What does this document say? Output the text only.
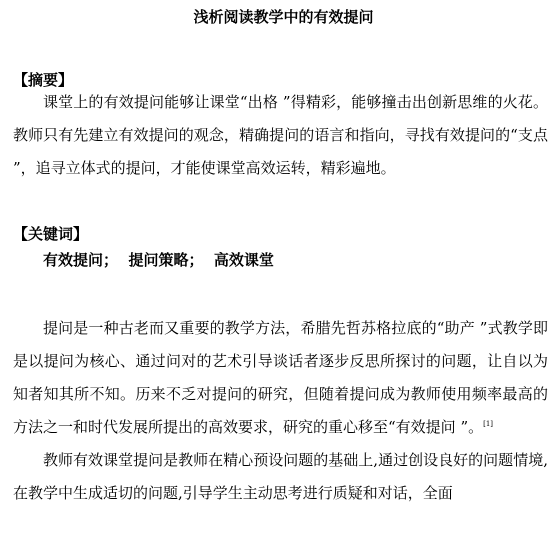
浅析阅读教学中的有效提问
【摘要】

课堂上的有效提问能够让课堂“出格 ”得精彩，能够撞击出创新思维的火花。教师只有先建立有效提问的观念，精确提问的语言和指向，寻找有效提问的“支点 ”，追寻立体式的提问，才能使课堂高效运转，精彩遍地。

【关键词】
有效提问；  提问策略；  高效课堂

提问是一种古老而又重要的教学方法，希腊先哲苏格拉底的“助产 ”式教学即是以提问为核心、通过问对的艺术引导谈话者逐步反思所探讨的问题，让自以为知者知其所不知。历来不乏对提问的研究，但随着提问成为教师使用频率最高的方法之一和时代发展所提出的高效要求，研究的重心移至“有效提问 ”。[1]

教师有效课堂提问是教师在精心预设问题的基础上,通过创设良好的问题情境,在教学中生成适切的问题,引导学生主动思考进行质疑和对话，全面
